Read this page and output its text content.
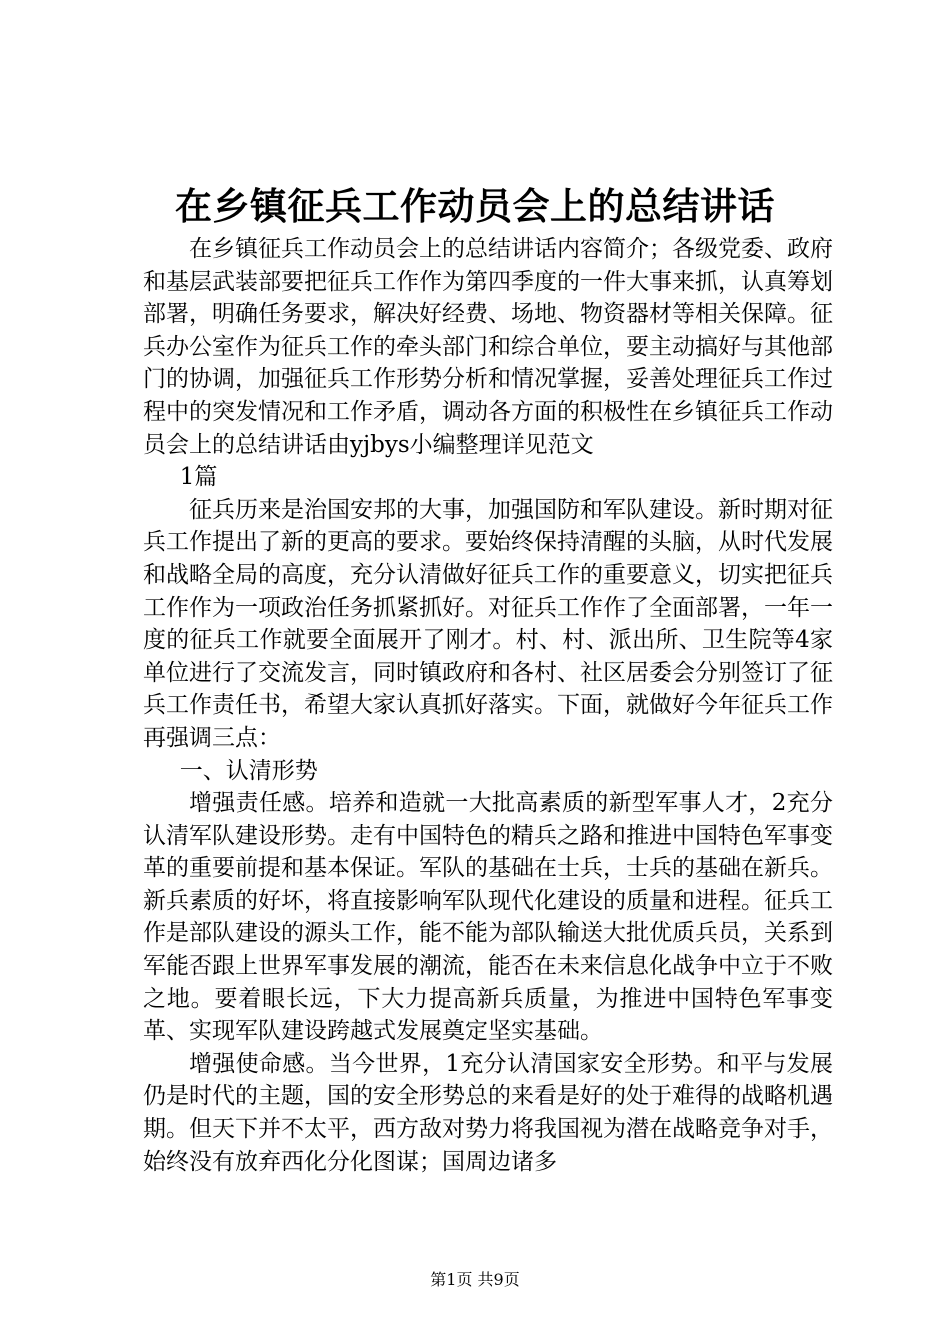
在乡镇征兵工作动员会上的总结讲话

在乡镇征兵工作动员会上的总结讲话内容简介；各级党委、政府和基层武装部要把征兵工作作为第四季度的一件大事来抓，认真筹划部署，明确任务要求，解决好经费、场地、物资器材等相关保障。征兵办公室作为征兵工作的牵头部门和综合单位，要主动搞好与其他部门的协调，加强征兵工作形势分析和情况掌握，妥善处理征兵工作过程中的突发情况和工作矛盾，调动各方面的积极性在乡镇征兵工作动员会上的总结讲话由yjbys小编整理详见范文

1篇

征兵历来是治国安邦的大事，加强国防和军队建设。新时期对征兵工作提出了新的更高的要求。要始终保持清醒的头脑，从时代发展和战略全局的高度，充分认清做好征兵工作的重要意义，切实把征兵工作作为一项政治任务抓紧抓好。对征兵工作作了全面部署，一年一度的征兵工作就要全面展开了刚才。村、村、派出所、卫生院等4家单位进行了交流发言，同时镇政府和各村、社区居委会分别签订了征兵工作责任书，希望大家认真抓好落实。下面，就做好今年征兵工作再强调三点：

一、认清形势

增强责任感。培养和造就一大批高素质的新型军事人才，2充分认清军队建设形势。走有中国特色的精兵之路和推进中国特色军事变革的重要前提和基本保证。军队的基础在士兵，士兵的基础在新兵。新兵素质的好坏，将直接影响军队现代化建设的质量和进程。征兵工作是部队建设的源头工作，能不能为部队输送大批优质兵员，关系到军能否跟上世界军事发展的潮流，能否在未来信息化战争中立于不败之地。要着眼长远，下大力提高新兵质量，为推进中国特色军事变革、实现军队建设跨越式发展奠定坚实基础。

增强使命感。当今世界，1充分认清国家安全形势。和平与发展仍是时代的主题，国的安全形势总的来看是好的处于难得的战略机遇期。但天下并不太平，西方敌对势力将我国视为潜在战略竞争对手，始终没有放弃西化分化图谋；国周边诸多

第1页 共9页
